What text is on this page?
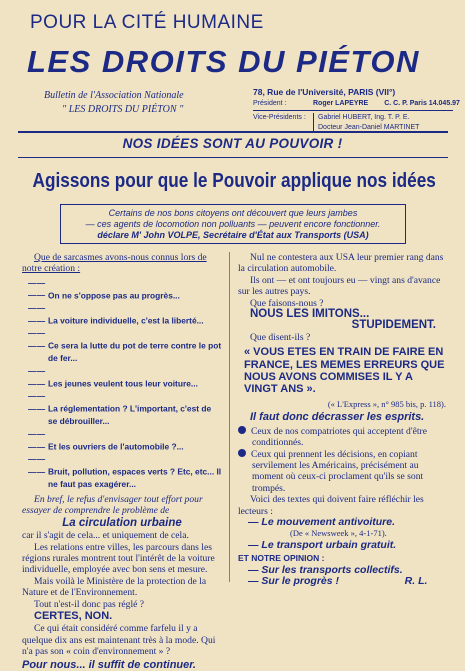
POUR LA CITÉ HUMAINE
LES DROITS DU PIÉTON
Bulletin de l'Association Nationale
" LES DROITS DU PIÉTON "
78, Rue de l'Université, PARIS (VII°)
Président :	Roger LAPEYRE C. C. P. Paris 14.045.97
Vice-Présidents :	Gabriel HUBERT, Ing. T. P. E.
Docteur Jean-Daniel MARTINET
NOS IDÉES SONT AU POUVOIR !
Agissons pour que le Pouvoir applique nos idées
Certains de nos bons citoyens ont découvert que leurs jambes
— ces agents de locomotion non polluants — peuvent encore fonctionner.
déclare M' John VOLPE, Secrétaire d'État aux Transports (USA)

Que de sarcasmes avons-nous connus lors de notre création :

— — — — On ne s'oppose pas au progrès...
— — — — La voiture individuelle, c'est la liberté...
— — — — Ce sera la lutte du pot de terre contre le pot de fer...
— — — — Les jeunes veulent tous leur voiture...
— — — — La réglementation ? L'important, c'est de se débrouiller...
— — — — Et les ouvriers de l'automobile ?...
— — — — Bruit, pollution, espaces verts ? Etc, etc... Il ne faut pas exagérer...

En bref, le refus d'envisager tout effort pour essayer de comprendre le problème de

La circulation urbaine

car il s'agit de cela... et uniquement de cela.

Les relations entre villes, les parcours dans les régions rurales montrent tout l'intérêt de la voiture individuelle, employée avec bon sens et mesure.

Mais voilà le Ministère de la protection de la Nature et de l'Environnement.

Tout n'est-il donc pas réglé ?

CERTES, NON.

Ce qui était considéré comme farfelu il y a quelque dix ans est maintenant très à la mode. Qui n'a pas son « coin d'environnement » ?

Pour nous... il suffit de continuer.

Nul ne contestera aux USA leur premier rang dans la circulation automobile.

Ils ont — et ont toujours eu — vingt ans d'avance sur les autres pays.

Que faisons-nous ?

NOUS LES IMITONS...

STUPIDEMENT.

Que disent-ils ?

« VOUS ETES EN TRAIN DE FAIRE EN FRANCE, LES MEMES ERREURS QUE NOUS AVONS COMMISES IL Y A VINGT ANS ».

(« L'Express », n° 985 bis, p. 118).

Il faut donc décrasser les esprits.

Ceux de nos compatriotes qui acceptent d'être conditionnés.

Ceux qui prennent les décisions, en copiant servilement les Américains, précisément au moment où ceux-ci proclament qu'ils se sont trompés.

Voici des textes qui doivent faire réfléchir les lecteurs :

— Le mouvement antivoiture.

(De « Newsweek », 4-1-71).

— Le transport urbain gratuit.

ET NOTRE OPINION :

— Sur les transports collectifs.

— Sur le progrès !	R. L.
